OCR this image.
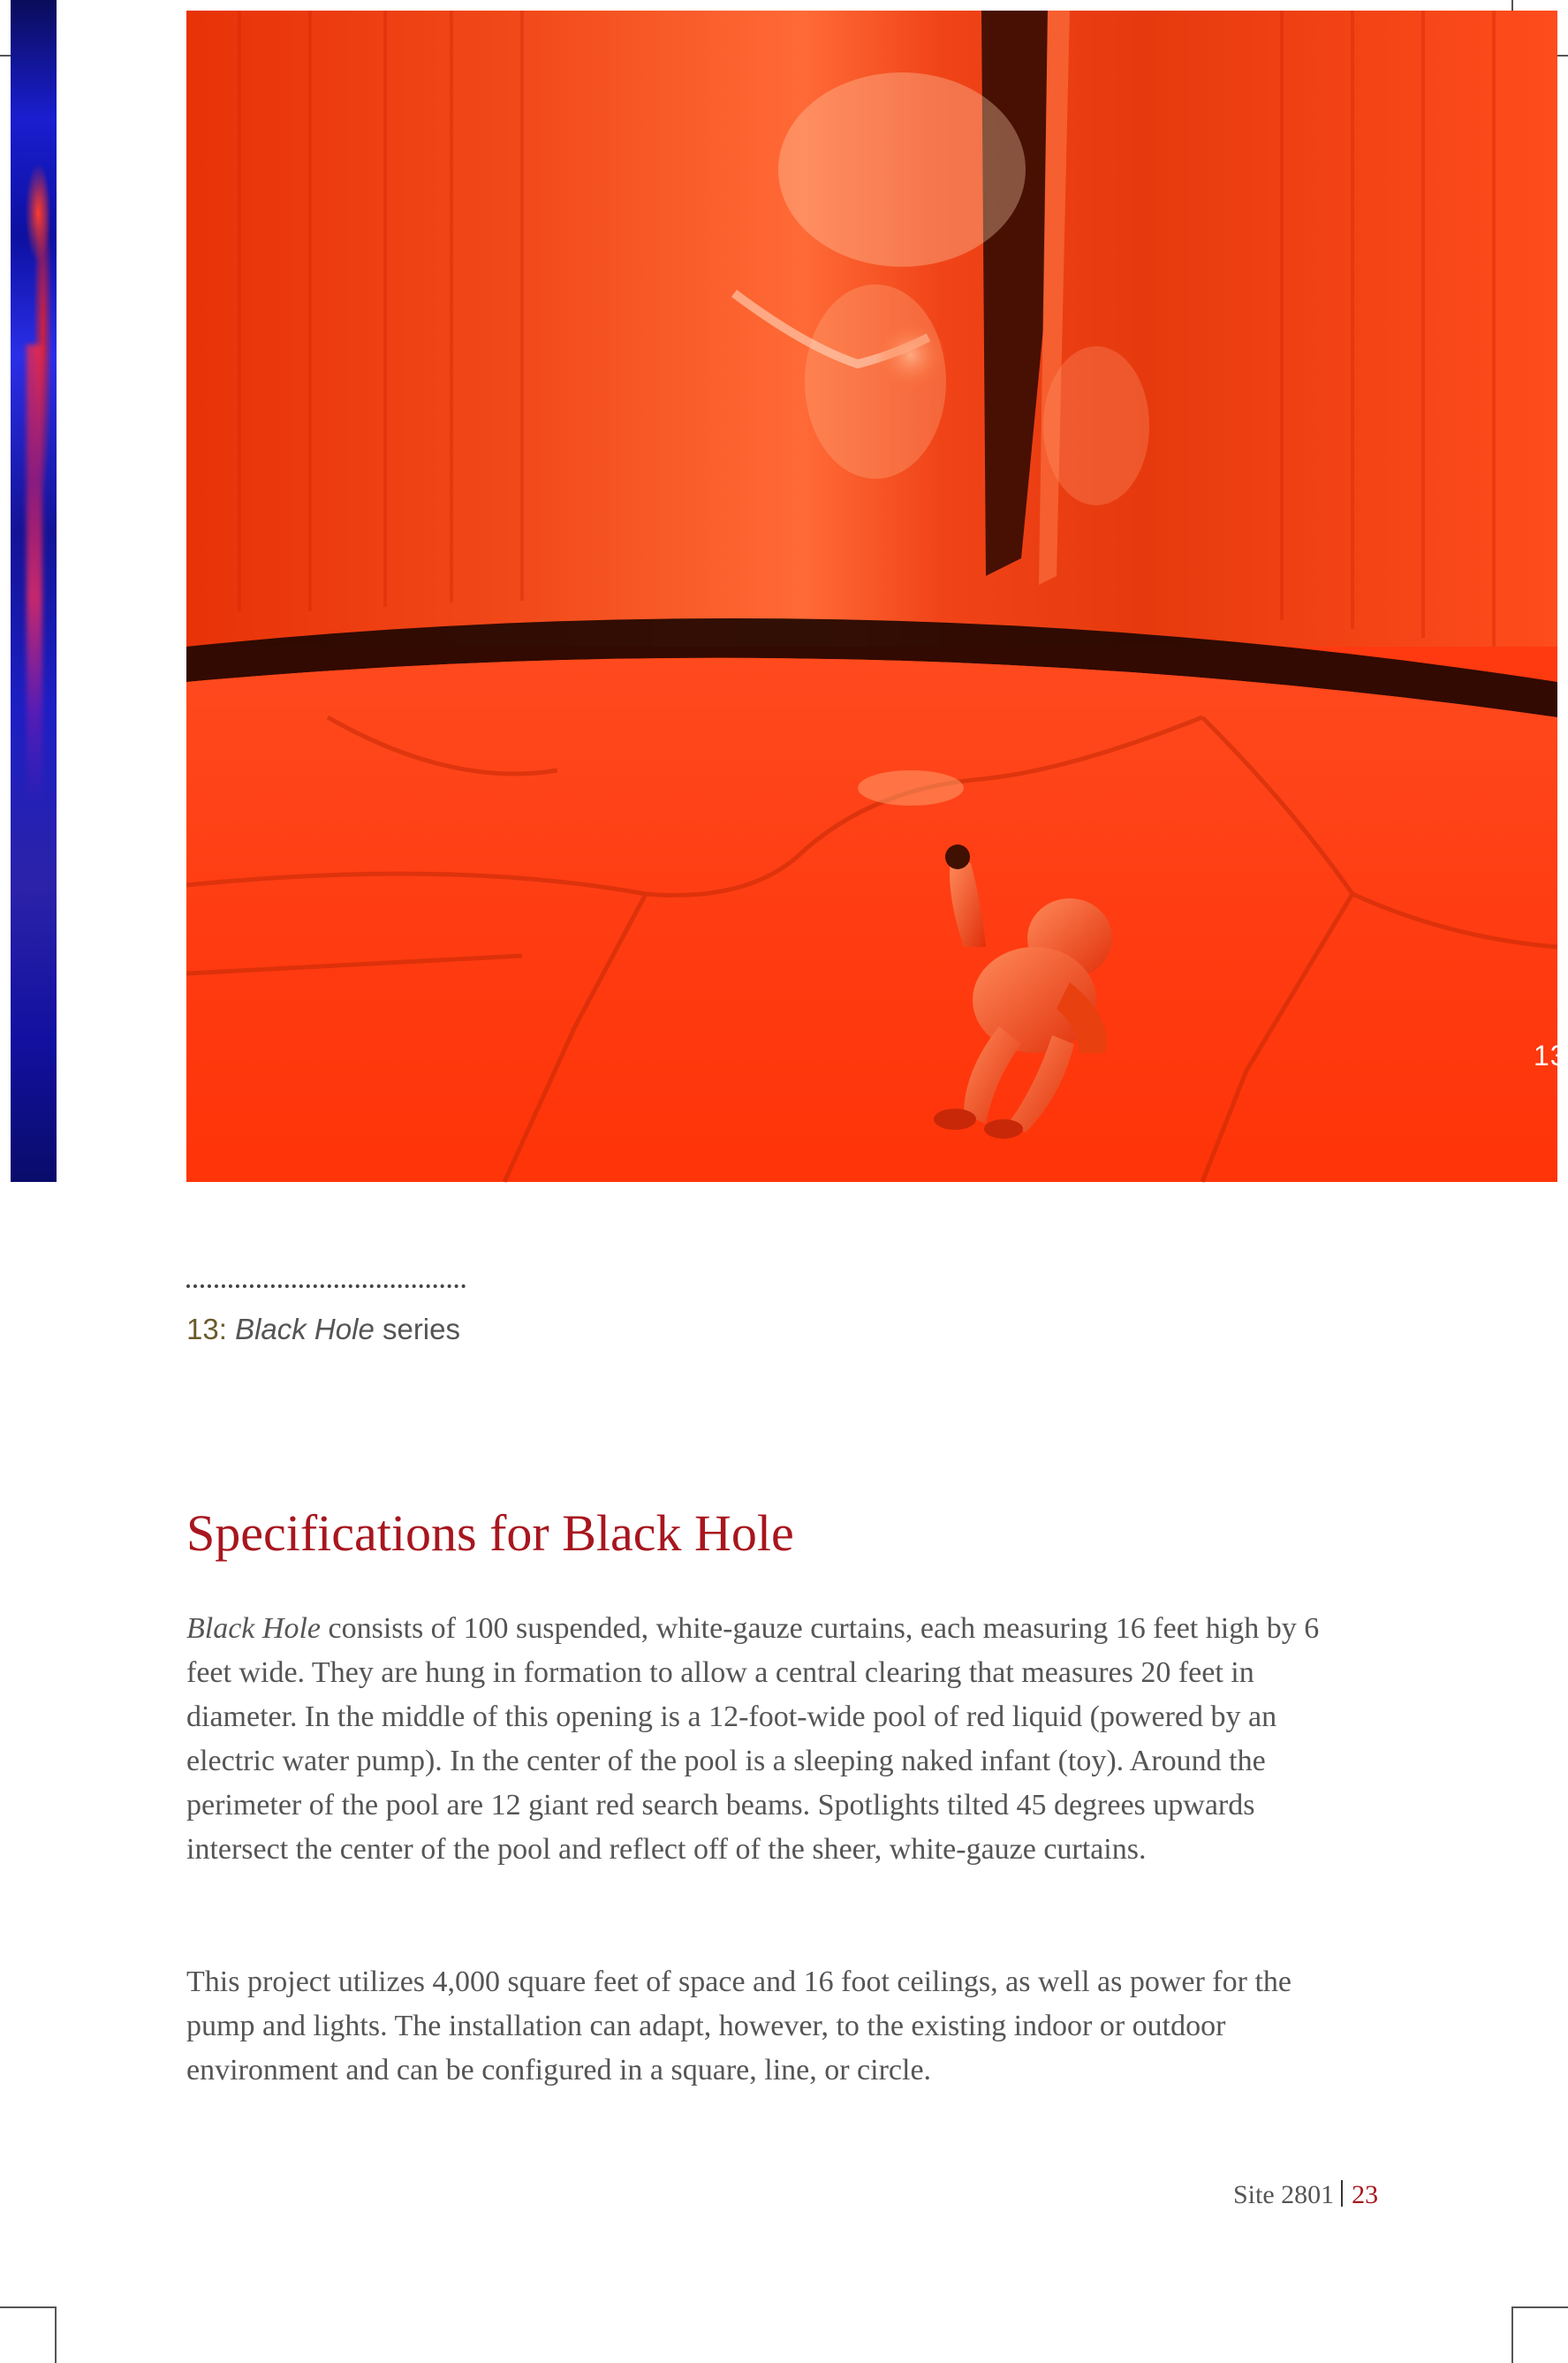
13
13: Black Hole series
Specifications for Black Hole

Black Hole consists of 100 suspended, white-gauze curtains, each measuring 16 feet high by 6 feet wide. They are hung in formation to allow a central clearing that measures 20 feet in diameter. In the middle of this opening is a 12-foot-wide pool of red liquid (powered by an electric water pump). In the center of the pool is a sleeping naked infant (toy). Around the perimeter of the pool are 12 giant red search beams. Spotlights tilted 45 degrees upwards intersect the center of the pool and reflect off of the sheer, white-gauze curtains.

This project utilizes 4,000 square feet of space and 16 foot ceilings, as well as power for the pump and lights. The installation can adapt, however, to the existing indoor or outdoor environment and can be configured in a square, line, or circle.

Site 2801 23
